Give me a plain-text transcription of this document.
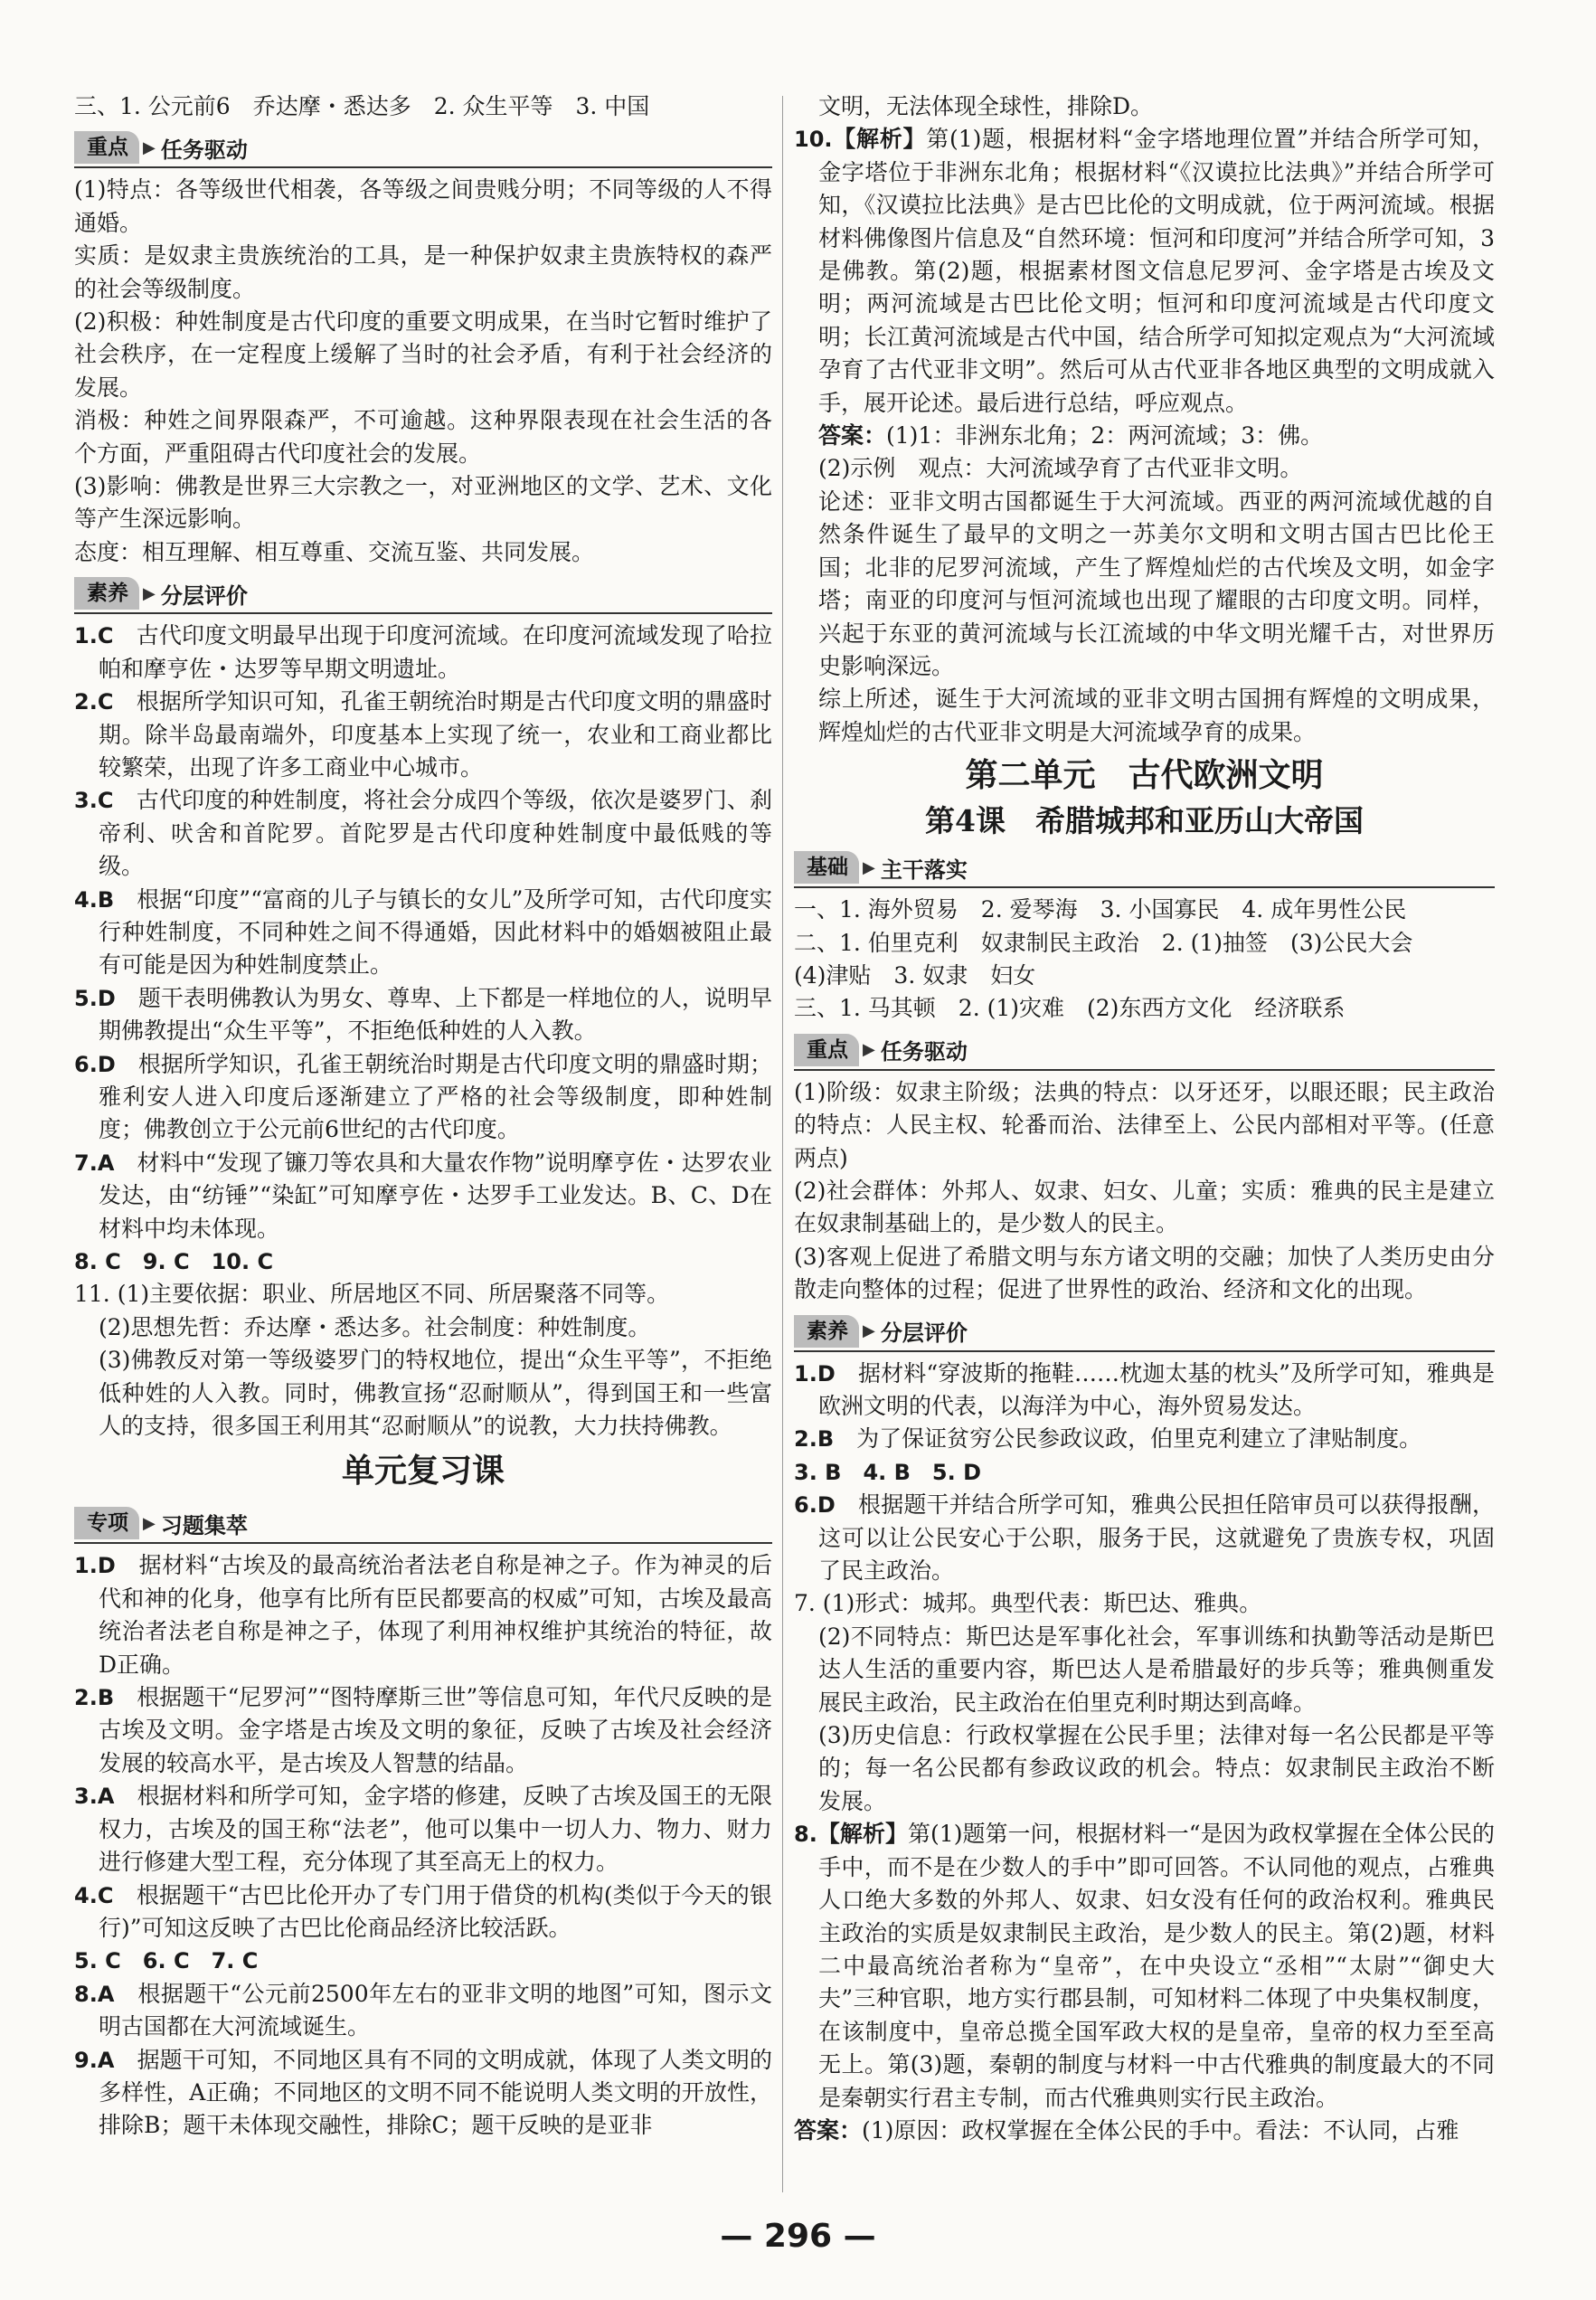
三、1. 公元前6　乔达摩・悉达多　2. 众生平等　3. 中国

重点 ▶ 任务驱动

(1)特点：各等级世代相袭，各等级之间贵贱分明；不同等级的人不得通婚。

实质：是奴隶主贵族统治的工具，是一种保护奴隶主贵族特权的森严的社会等级制度。

(2)积极：种姓制度是古代印度的重要文明成果，在当时它暂时维护了社会秩序，在一定程度上缓解了当时的社会矛盾，有利于社会经济的发展。

消极：种姓之间界限森严，不可逾越。这种界限表现在社会生活的各个方面，严重阻碍古代印度社会的发展。

(3)影响：佛教是世界三大宗教之一，对亚洲地区的文学、艺术、文化等产生深远影响。

态度：相互理解、相互尊重、交流互鉴、共同发展。

素养 ▶ 分层评价

1.C　古代印度文明最早出现于印度河流域。在印度河流域发现了哈拉帕和摩亨佐・达罗等早期文明遗址。

2.C　根据所学知识可知，孔雀王朝统治时期是古代印度文明的鼎盛时期。除半岛最南端外，印度基本上实现了统一，农业和工商业都比较繁荣，出现了许多工商业中心城市。

3.C　古代印度的种姓制度，将社会分成四个等级，依次是婆罗门、刹帝利、吠舍和首陀罗。首陀罗是古代印度种姓制度中最低贱的等级。

4.B　根据“印度”“富商的儿子与镇长的女儿”及所学可知，古代印度实行种姓制度，不同种姓之间不得通婚，因此材料中的婚姻被阻止最有可能是因为种姓制度禁止。

5.D　题干表明佛教认为男女、尊卑、上下都是一样地位的人，说明早期佛教提出“众生平等”，不拒绝低种姓的人入教。

6.D　根据所学知识，孔雀王朝统治时期是古代印度文明的鼎盛时期；雅利安人进入印度后逐渐建立了严格的社会等级制度，即种姓制度；佛教创立于公元前6世纪的古代印度。

7.A　材料中“发现了镰刀等农具和大量农作物”说明摩亨佐・达罗农业发达，由“纺锤”“染缸”可知摩亨佐・达罗手工业发达。B、C、D在材料中均未体现。

8. C　9. C　10. C

11. (1)主要依据：职业、所居地区不同、所居聚落不同等。

(2)思想先哲：乔达摩・悉达多。社会制度：种姓制度。

(3)佛教反对第一等级婆罗门的特权地位，提出“众生平等”，不拒绝低种姓的人入教。同时，佛教宣扬“忍耐顺从”，得到国王和一些富人的支持，很多国王利用其“忍耐顺从”的说教，大力扶持佛教。

单元复习课
专项 ▶ 习题集萃

1.D　据材料“古埃及的最高统治者法老自称是神之子。作为神灵的后代和神的化身，他享有比所有臣民都要高的权威”可知，古埃及最高统治者法老自称是神之子，体现了利用神权维护其统治的特征，故D正确。

2.B　根据题干“尼罗河”“图特摩斯三世”等信息可知，年代尺反映的是古埃及文明。金字塔是古埃及文明的象征，反映了古埃及社会经济发展的较高水平，是古埃及人智慧的结晶。

3.A　根据材料和所学可知，金字塔的修建，反映了古埃及国王的无限权力，古埃及的国王称“法老”，他可以集中一切人力、物力、财力进行修建大型工程，充分体现了其至高无上的权力。

4.C　根据题干“古巴比伦开办了专门用于借贷的机构(类似于今天的银行)”可知这反映了古巴比伦商品经济比较活跃。

5. C　6. C　7. C

8.A　根据题干“公元前2500年左右的亚非文明的地图”可知，图示文明古国都在大河流域诞生。

9.A　据题干可知，不同地区具有不同的文明成就，体现了人类文明的多样性，A正确；不同地区的文明不同不能说明人类文明的开放性，排除B；题干未体现交融性，排除C；题干反映的是亚非

文明，无法体现全球性，排除D。

10.【解析】第(1)题，根据材料“金字塔地理位置”并结合所学可知，金字塔位于非洲东北角；根据材料“《汉谟拉比法典》”并结合所学可知，《汉谟拉比法典》是古巴比伦的文明成就，位于两河流域。根据材料佛像图片信息及“自然环境：恒河和印度河”并结合所学可知，3是佛教。第(2)题，根据素材图文信息尼罗河、金字塔是古埃及文明；两河流域是古巴比伦文明；恒河和印度河流域是古代印度文明；长江黄河流域是古代中国，结合所学可知拟定观点为“大河流域孕育了古代亚非文明”。然后可从古代亚非各地区典型的文明成就入手，展开论述。最后进行总结，呼应观点。

答案：(1)1：非洲东北角；2：两河流域；3：佛。

(2)示例　观点：大河流域孕育了古代亚非文明。

论述：亚非文明古国都诞生于大河流域。西亚的两河流域优越的自然条件诞生了最早的文明之一苏美尔文明和文明古国古巴比伦王国；北非的尼罗河流域，产生了辉煌灿烂的古代埃及文明，如金字塔；南亚的印度河与恒河流域也出现了耀眼的古印度文明。同样，兴起于东亚的黄河流域与长江流域的中华文明光耀千古，对世界历史影响深远。

综上所述，诞生于大河流域的亚非文明古国拥有辉煌的文明成果，辉煌灿烂的古代亚非文明是大河流域孕育的成果。

第二单元　古代欧洲文明
第4课　希腊城邦和亚历山大帝国
基础 ▶ 主干落实

一、1. 海外贸易　2. 爱琴海　3. 小国寡民　4. 成年男性公民

二、1. 伯里克利　奴隶制民主政治　2. (1)抽签　(3)公民大会

(4)津贴　3. 奴隶　妇女

三、1. 马其顿　2. (1)灾难　(2)东西方文化　经济联系

重点 ▶ 任务驱动

(1)阶级：奴隶主阶级；法典的特点：以牙还牙，以眼还眼；民主政治的特点：人民主权、轮番而治、法律至上、公民内部相对平等。(任意两点)

(2)社会群体：外邦人、奴隶、妇女、儿童；实质：雅典的民主是建立在奴隶制基础上的，是少数人的民主。

(3)客观上促进了希腊文明与东方诸文明的交融；加快了人类历史由分散走向整体的过程；促进了世界性的政治、经济和文化的出现。

素养 ▶ 分层评价

1.D　据材料“穿波斯的拖鞋……枕迦太基的枕头”及所学可知，雅典是欧洲文明的代表，以海洋为中心，海外贸易发达。

2.B　为了保证贫穷公民参政议政，伯里克利建立了津贴制度。

3. B　4. B　5. D

6.D　根据题干并结合所学可知，雅典公民担任陪审员可以获得报酬，这可以让公民安心于公职，服务于民，这就避免了贵族专权，巩固了民主政治。

7. (1)形式：城邦。典型代表：斯巴达、雅典。

(2)不同特点：斯巴达是军事化社会，军事训练和执勤等活动是斯巴达人生活的重要内容，斯巴达人是希腊最好的步兵等；雅典侧重发展民主政治，民主政治在伯里克利时期达到高峰。

(3)历史信息：行政权掌握在公民手里；法律对每一名公民都是平等的；每一名公民都有参政议政的机会。特点：奴隶制民主政治不断发展。

8.【解析】第(1)题第一问，根据材料一“是因为政权掌握在全体公民的手中，而不是在少数人的手中”即可回答。不认同他的观点，占雅典人口绝大多数的外邦人、奴隶、妇女没有任何的政治权利。雅典民主政治的实质是奴隶制民主政治，是少数人的民主。第(2)题，材料二中最高统治者称为“皇帝”，在中央设立“丞相”“太尉”“御史大夫”三种官职，地方实行郡县制，可知材料二体现了中央集权制度，在该制度中，皇帝总揽全国军政大权的是皇帝，皇帝的权力至至高无上。第(3)题，秦朝的制度与材料一中古代雅典的制度最大的不同是秦朝实行君主专制，而古代雅典则实行民主政治。

答案：(1)原因：政权掌握在全体公民的手中。看法：不认同，占雅

— 296 —
